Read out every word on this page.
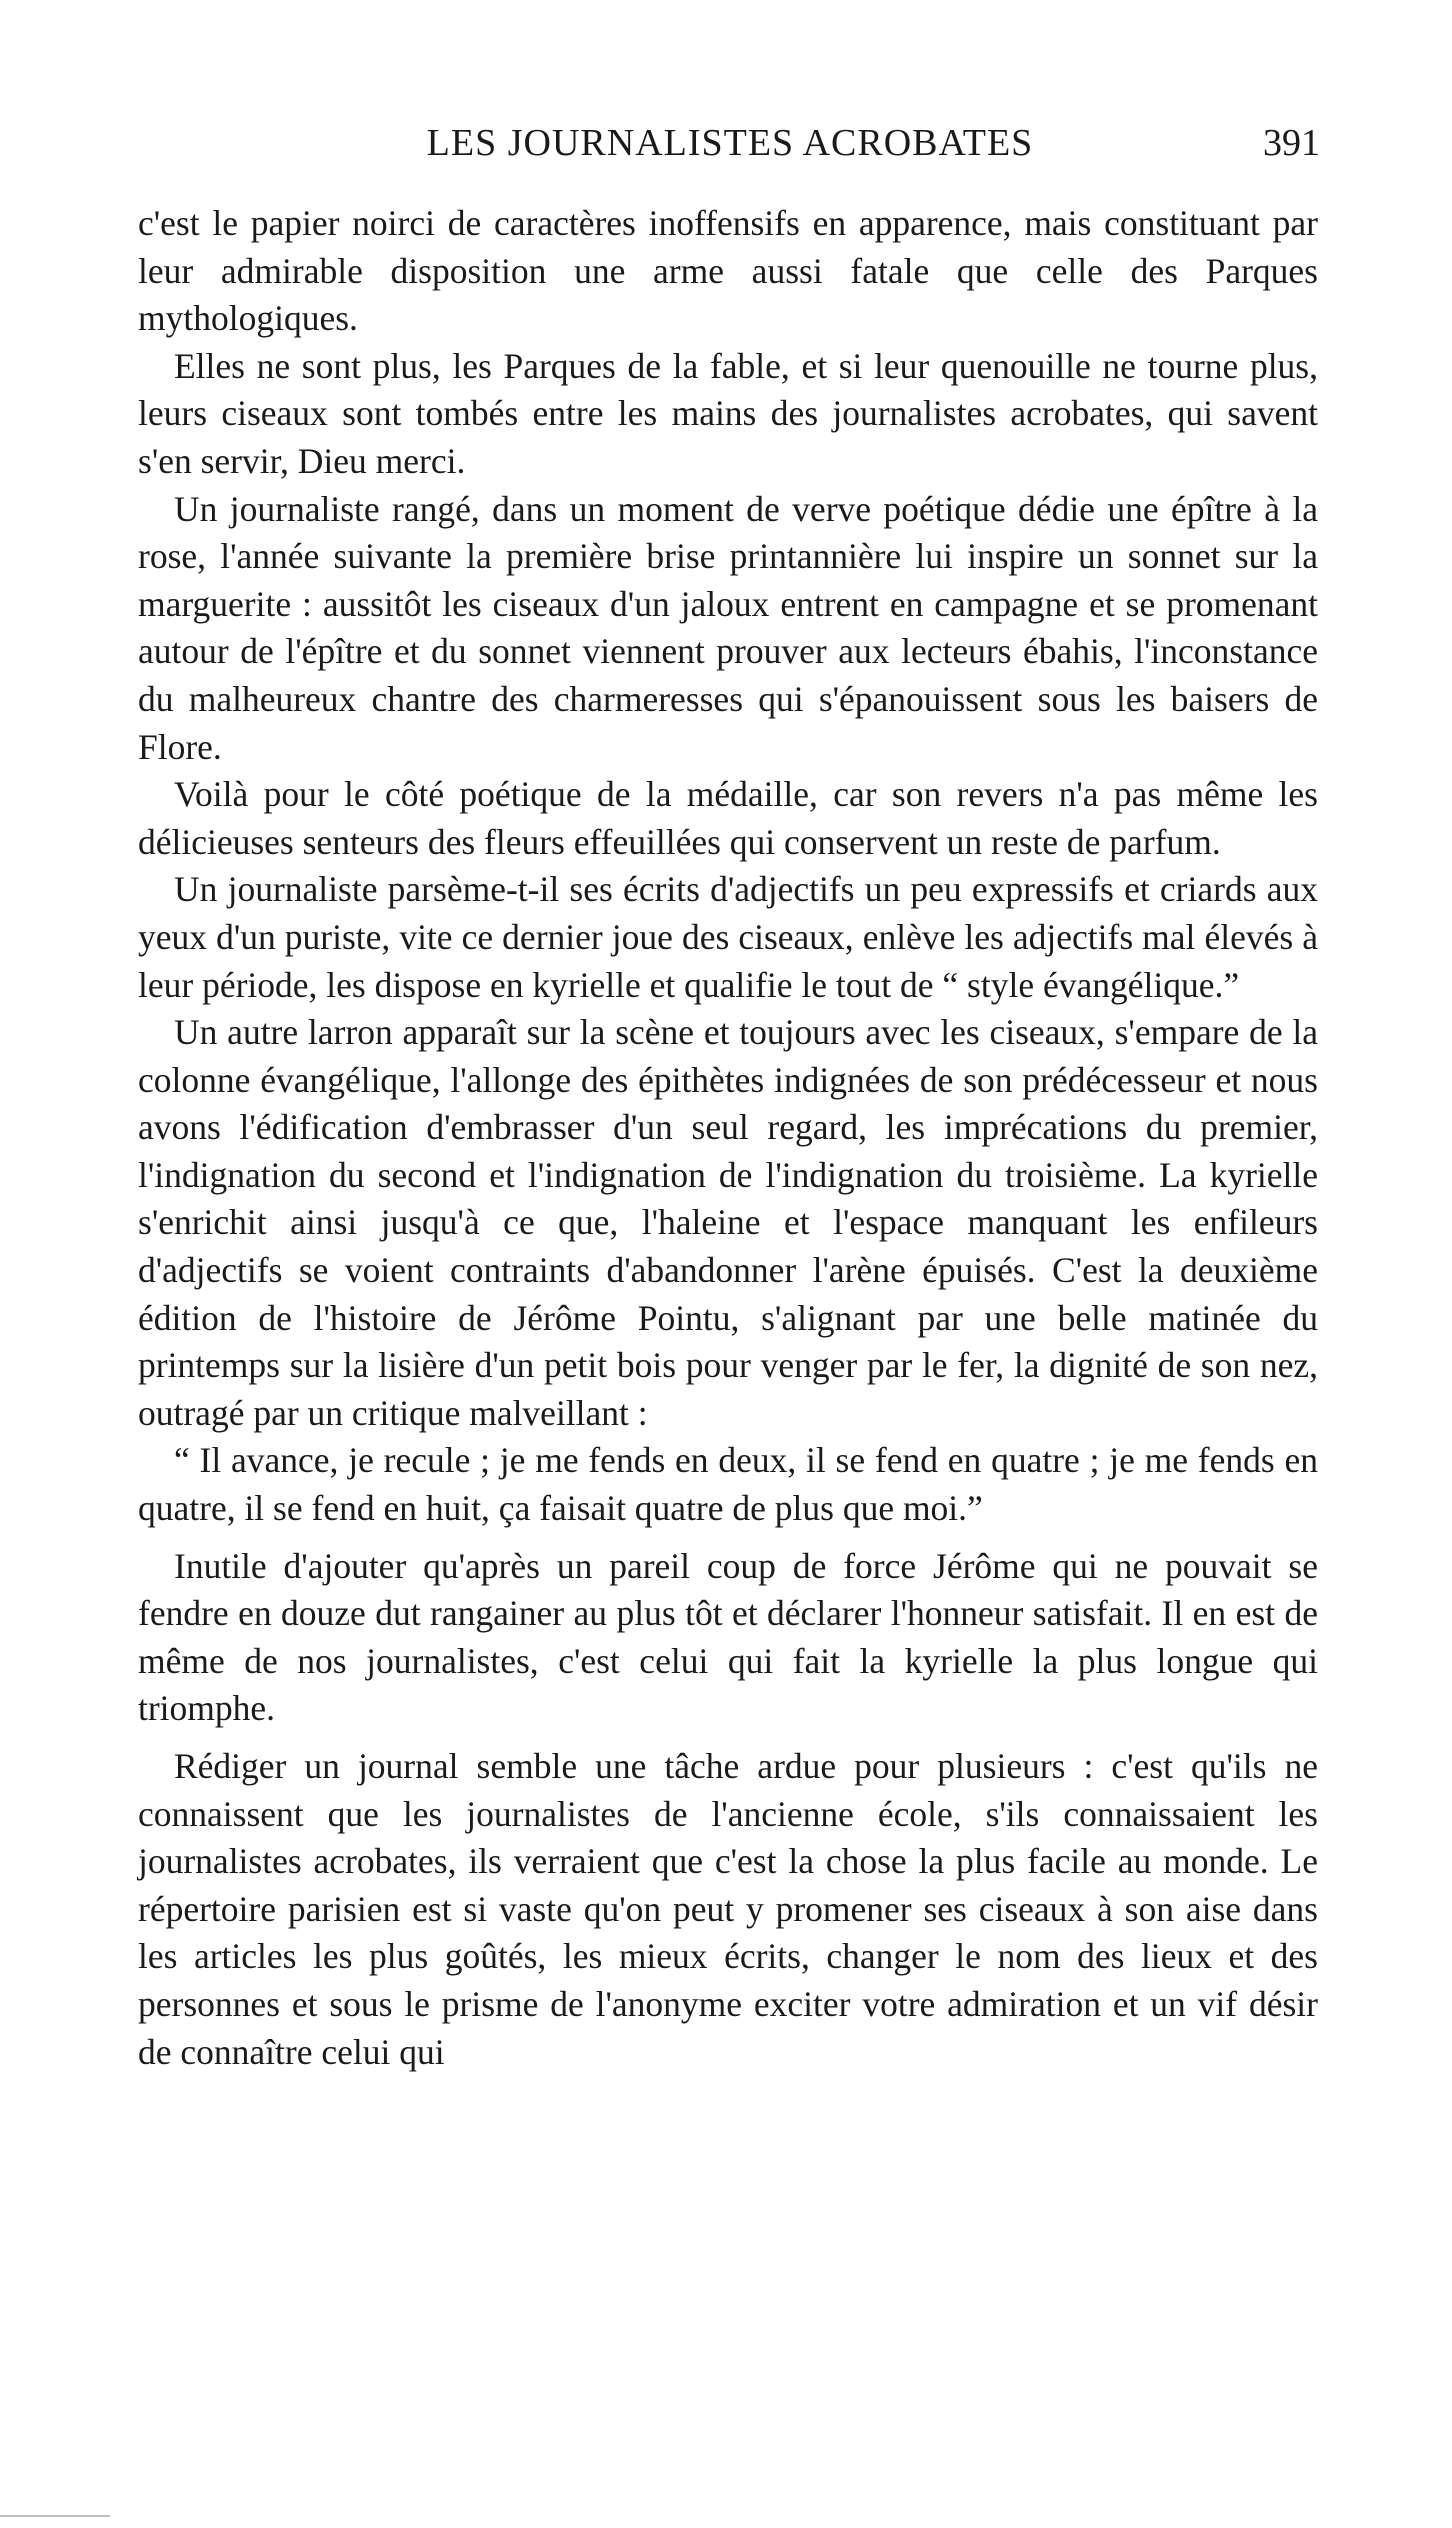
LES JOURNALISTES ACROBATES	391

c'est le papier noirci de caractères inoffensifs en apparence, mais constituant par leur admirable disposition une arme aussi fatale que celle des Parques mythologiques.

Elles ne sont plus, les Parques de la fable, et si leur quenouille ne tourne plus, leurs ciseaux sont tombés entre les mains des journalistes acrobates, qui savent s'en servir, Dieu merci.

Un journaliste rangé, dans un moment de verve poétique dédie une épître à la rose, l'année suivante la première brise printannière lui inspire un sonnet sur la marguerite : aussitôt les ciseaux d'un jaloux entrent en campagne et se promenant autour de l'épître et du sonnet viennent prouver aux lecteurs ébahis, l'inconstance du malheureux chantre des charmeresses qui s'épanouissent sous les baisers de Flore.

Voilà pour le côté poétique de la médaille, car son revers n'a pas même les délicieuses senteurs des fleurs effeuillées qui conservent un reste de parfum.

Un journaliste parsème-t-il ses écrits d'adjectifs un peu expressifs et criards aux yeux d'un puriste, vite ce dernier joue des ciseaux, enlève les adjectifs mal élevés à leur période, les dispose en kyrielle et qualifie le tout de “ style évangélique.”

Un autre larron apparaît sur la scène et toujours avec les ciseaux, s'empare de la colonne évangélique, l'allonge des épithètes indignées de son prédécesseur et nous avons l'édification d'embrasser d'un seul regard, les imprécations du premier, l'indignation du second et l'indignation de l'indignation du troisième. La kyrielle s'enrichit ainsi jusqu'à ce que, l'haleine et l'espace manquant les enfileurs d'adjectifs se voient contraints d'abandonner l'arène épuisés. C'est la deuxième édition de l'histoire de Jérôme Pointu, s'alignant par une belle matinée du printemps sur la lisière d'un petit bois pour venger par le fer, la dignité de son nez, outragé par un critique malveillant :

“ Il avance, je recule ; je me fends en deux, il se fend en quatre ; je me fends en quatre, il se fend en huit, ça faisait quatre de plus que moi.”

Inutile d'ajouter qu'après un pareil coup de force Jérôme qui ne pouvait se fendre en douze dut rangainer au plus tôt et déclarer l'honneur satisfait. Il en est de même de nos journalistes, c'est celui qui fait la kyrielle la plus longue qui triomphe.

Rédiger un journal semble une tâche ardue pour plusieurs : c'est qu'ils ne connaissent que les journalistes de l'ancienne école, s'ils connaissaient les journalistes acrobates, ils verraient que c'est la chose la plus facile au monde. Le répertoire parisien est si vaste qu'on peut y promener ses ciseaux à son aise dans les articles les plus goûtés, les mieux écrits, changer le nom des lieux et des personnes et sous le prisme de l'anonyme exciter votre admiration et un vif désir de connaître celui qui
